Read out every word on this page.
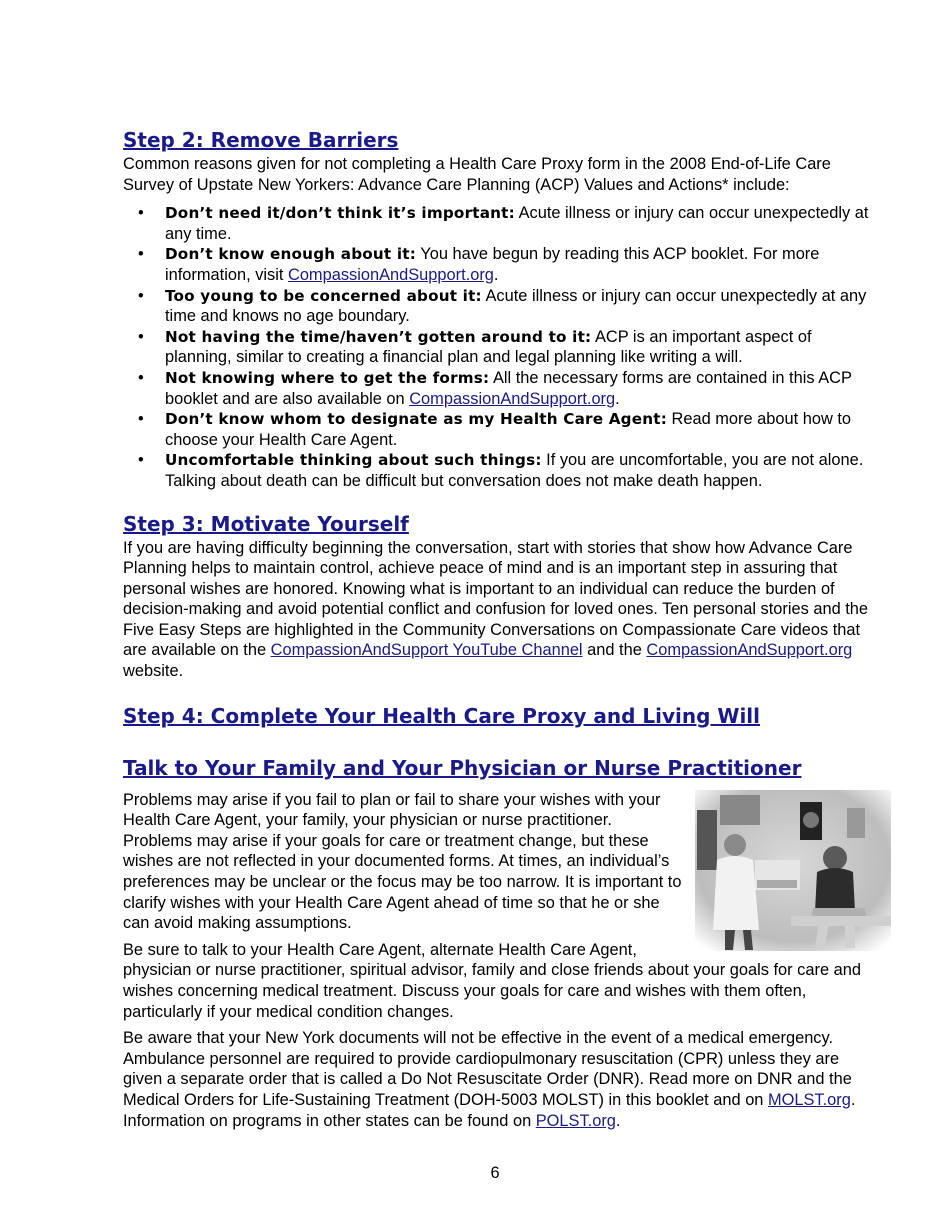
Step 2: Remove Barriers

Common reasons given for not completing a Health Care Proxy form in the 2008 End-of-Life Care Survey of Upstate New Yorkers: Advance Care Planning (ACP) Values and Actions* include:

• Don’t need it/don’t think it’s important: Acute illness or injury can occur unexpectedly at any time.
• Don’t know enough about it: You have begun by reading this ACP booklet. For more information, visit CompassionAndSupport.org.
• Too young to be concerned about it: Acute illness or injury can occur unexpectedly at any time and knows no age boundary.
• Not having the time/haven’t gotten around to it: ACP is an important aspect of planning, similar to creating a financial plan and legal planning like writing a will.
• Not knowing where to get the forms: All the necessary forms are contained in this ACP booklet and are also available on CompassionAndSupport.org.
• Don’t know whom to designate as my Health Care Agent: Read more about how to choose your Health Care Agent.
• Uncomfortable thinking about such things: If you are uncomfortable, you are not alone. Talking about death can be difficult but conversation does not make death happen.
Step 3: Motivate Yourself

If you are having difficulty beginning the conversation, start with stories that show how Advance Care Planning helps to maintain control, achieve peace of mind and is an important step in assuring that personal wishes are honored. Knowing what is important to an individual can reduce the burden of decision-making and avoid potential conflict and confusion for loved ones. Ten personal stories and the Five Easy Steps are highlighted in the Community Conversations on Compassionate Care videos that are available on the CompassionAndSupport YouTube Channel and the CompassionAndSupport.org website.

Step 4: Complete Your Health Care Proxy and Living Will
Talk to Your Family and Your Physician or Nurse Practitioner

Problems may arise if you fail to plan or fail to share your wishes with your Health Care Agent, your family, your physician or nurse practitioner. Problems may arise if your goals for care or treatment change, but these wishes are not reflected in your documented forms. At times, an individual’s preferences may be unclear or the focus may be too narrow. It is important to clarify wishes with your Health Care Agent ahead of time so that he or she can avoid making assumptions.

Be sure to talk to your Health Care Agent, alternate Health Care Agent, physician or nurse practitioner, spiritual advisor, family and close friends about your goals for care and wishes concerning medical treatment. Discuss your goals for care and wishes with them often, particularly if your medical condition changes.

Be aware that your New York documents will not be effective in the event of a medical emergency. Ambulance personnel are required to provide cardiopulmonary resuscitation (CPR) unless they are given a separate order that is called a Do Not Resuscitate Order (DNR). Read more on DNR and the Medical Orders for Life-Sustaining Treatment (DOH-5003 MOLST) in this booklet and on MOLST.org. Information on programs in other states can be found on POLST.org.

6
